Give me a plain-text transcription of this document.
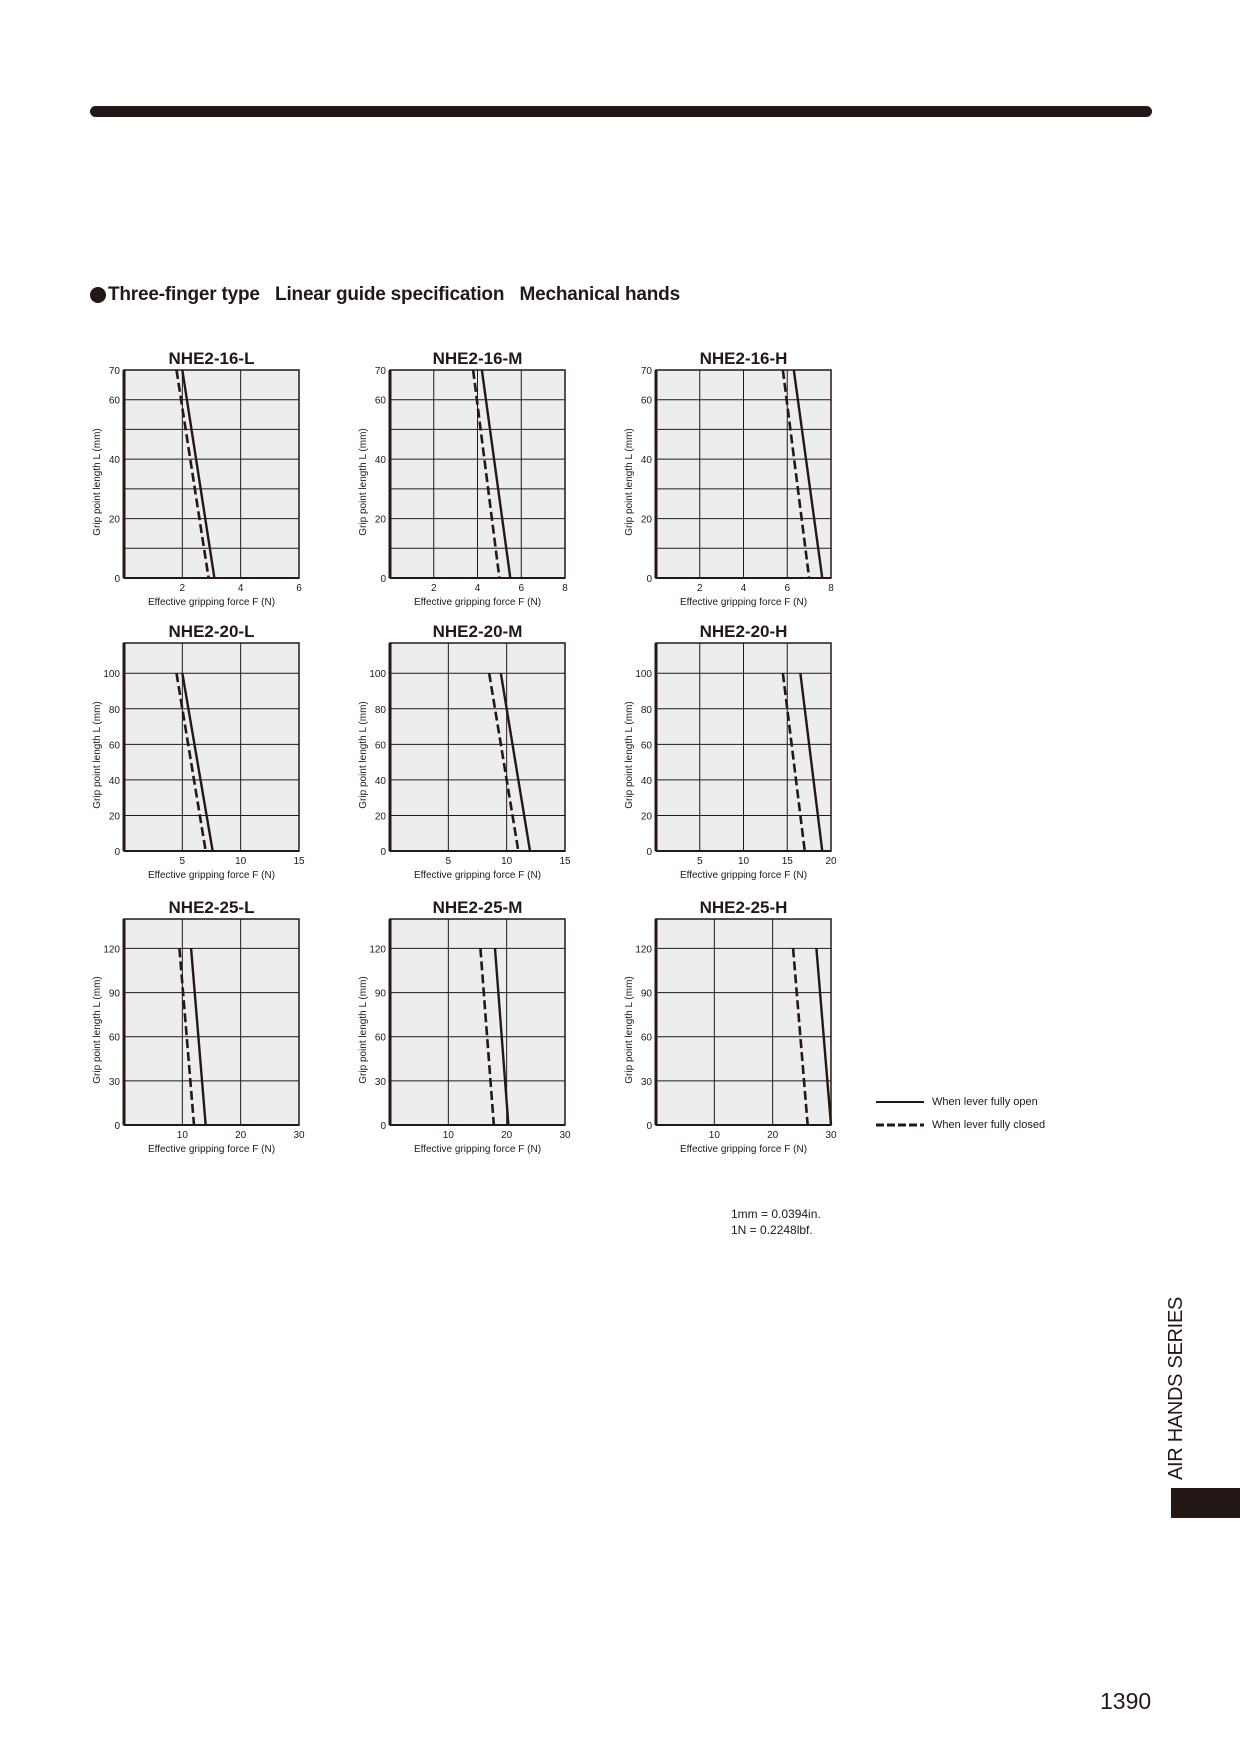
Three-finger type
Linear guide specification
Mechanical hands
0
20
40
60
70
2	4	6
NHE2-16-L
Effective gripping force F (N)
Grip point length L (mm)
0
20
40
60
70
2	4	6	8
NHE2-16-M
Effective gripping force F (N)
Grip point length L (mm)
0
20
40
60
70
2	4	6	8
NHE2-16-H
Effective gripping force F (N)
Grip point length L (mm)
0
20
40
60
80
100
5	10	15
NHE2-20-L
Effective gripping force F (N)
Grip point length L (mm)
0
20
40
60
80
100
5	10	15
NHE2-20-M
Effective gripping force F (N)
Grip point length L (mm)
0
20
40
60
80
100
5	10	15	20
NHE2-20-H
Effective gripping force F (N)
Grip point length L (mm)
0
30
60
90
120
10	20	30
NHE2-25-L
Effective gripping force F (N)
Grip point length L (mm)
0
30
60
90
120
10	20	30
NHE2-25-M
Effective gripping force F (N)
Grip point length L (mm)
0
30
60
90
120
10	20	30
NHE2-25-H
Effective gripping force F (N)
Grip point length L (mm)
When lever fully open
When lever fully closed
1mm = 0.0394in.
1N = 0.2248lbf.
AIR HANDS SERIES
1390
